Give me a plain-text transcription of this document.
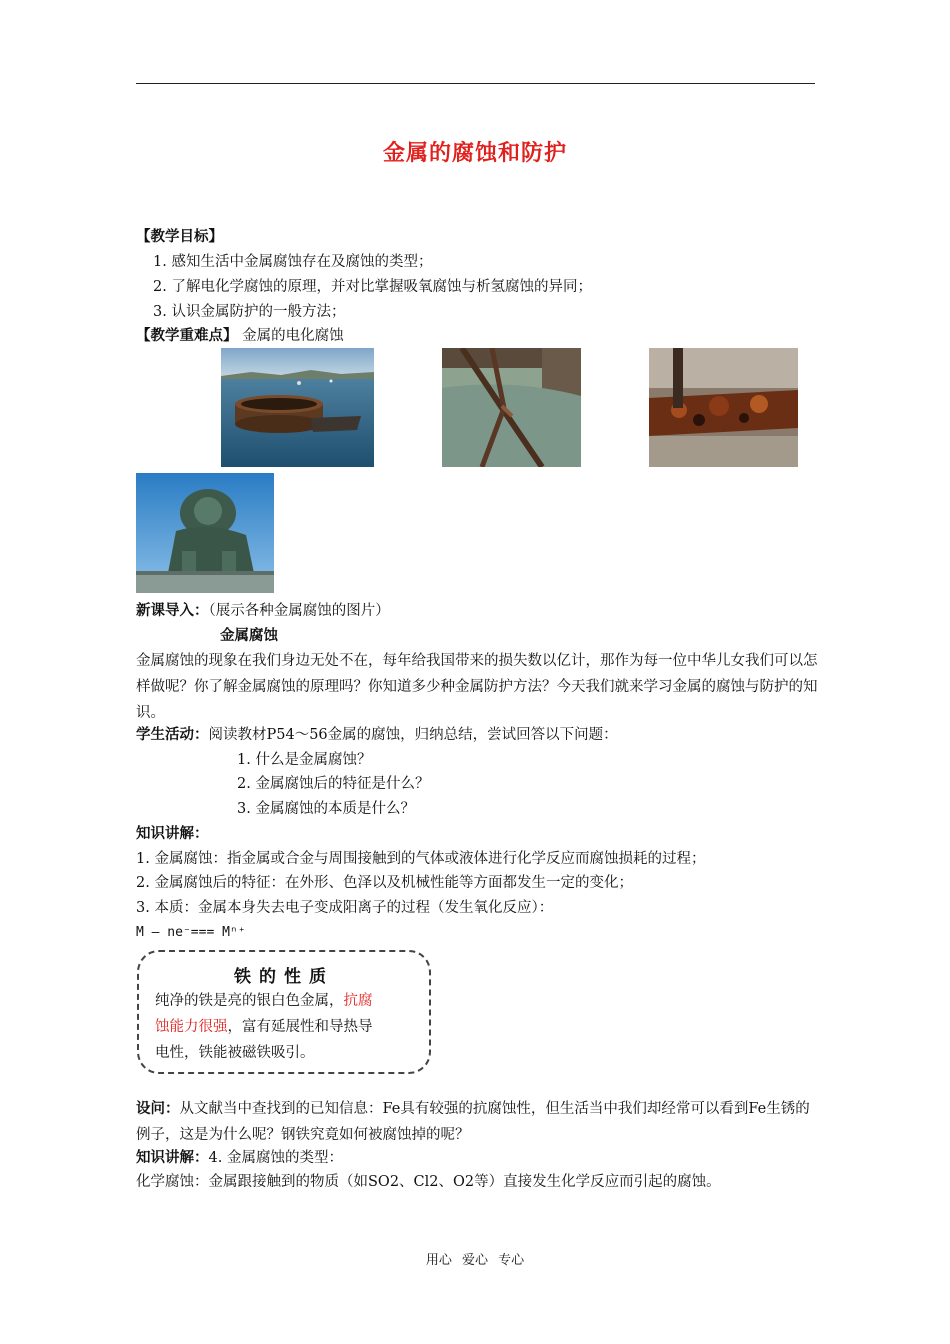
金属的腐蚀和防护
【教学目标】
1. 感知生活中金属腐蚀存在及腐蚀的类型；
2. 了解电化学腐蚀的原理，并对比掌握吸氧腐蚀与析氢腐蚀的异同；
3. 认识金属防护的一般方法；
【教学重难点】 金属的电化腐蚀
新课导入：（展示各种金属腐蚀的图片）
金属腐蚀
金属腐蚀的现象在我们身边无处不在，每年给我国带来的损失数以亿计，那作为每一位中华儿女我们可以怎样做呢？你了解金属腐蚀的原理吗？你知道多少种金属防护方法？今天我们就来学习金属的腐蚀与防护的知识。
学生活动：阅读教材P54～56金属的腐蚀，归纳总结，尝试回答以下问题：
1. 什么是金属腐蚀？
2. 金属腐蚀后的特征是什么？
3. 金属腐蚀的本质是什么？
知识讲解：
1. 金属腐蚀：指金属或合金与周围接触到的气体或液体进行化学反应而腐蚀损耗的过程；
2. 金属腐蚀后的特征：在外形、色泽以及机械性能等方面都发生一定的变化；
3. 本质：金属本身失去电子变成阳离子的过程（发生氧化反应）：
M – ne⁻=== Mⁿ⁺
铁的性质
纯净的铁是亮的银白色金属，抗腐
蚀能力很强，富有延展性和导热导
电性，铁能被磁铁吸引。
设问：从文献当中查找到的已知信息：Fe具有较强的抗腐蚀性，但生活当中我们却经常可以看到Fe生锈的例子，这是为什么呢？钢铁究竟如何被腐蚀掉的呢？
知识讲解：4. 金属腐蚀的类型：
化学腐蚀：金属跟接触到的物质（如SO2、Cl2、O2等）直接发生化学反应而引起的腐蚀。
用心 爱心 专心
